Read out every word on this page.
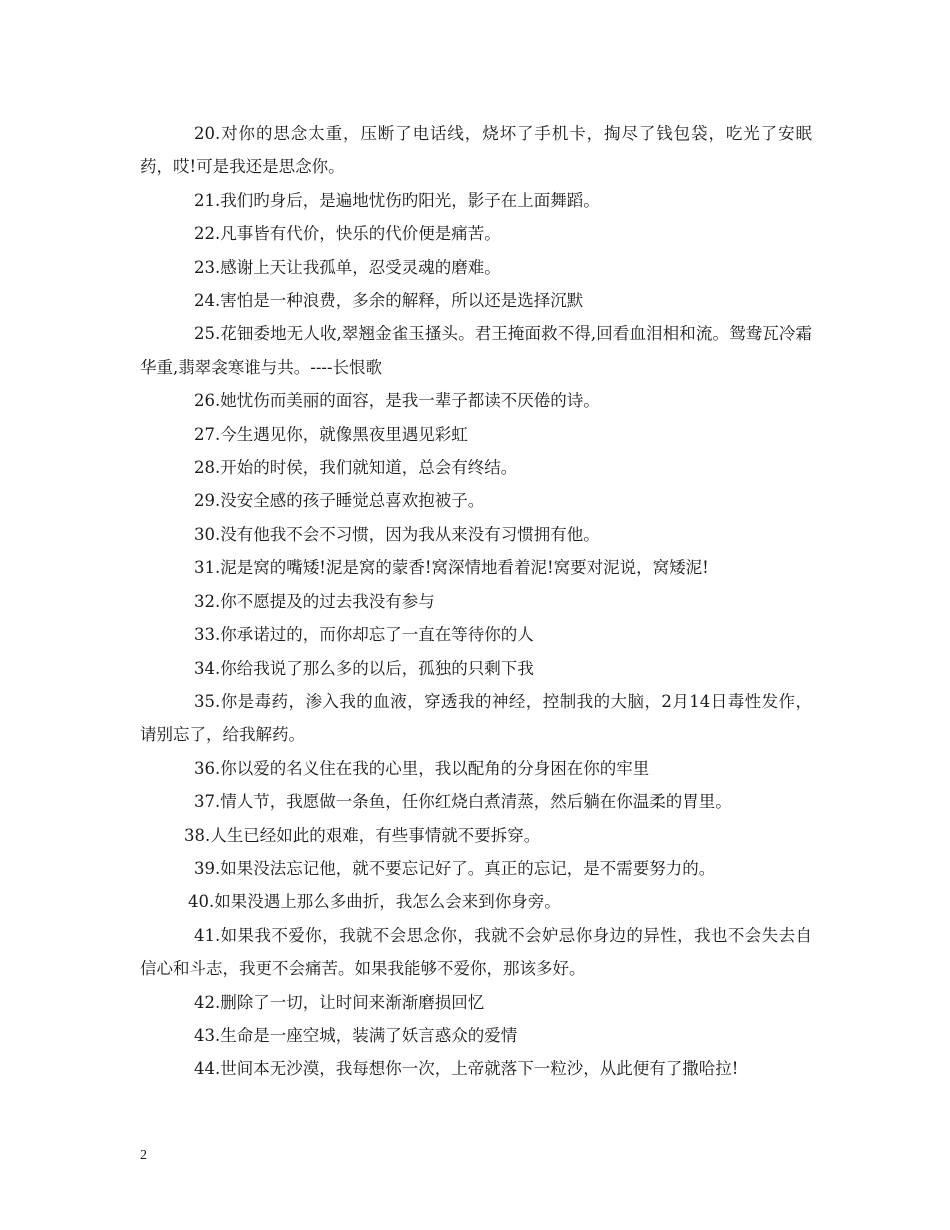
20.对你的思念太重，压断了电话线，烧坏了手机卡，掏尽了钱包袋，吃光了安眠药，哎!可是我还是思念你。

21.我们旳身后，是遍地忧伤旳阳光，影子在上面舞蹈。

22.凡事皆有代价，快乐的代价便是痛苦。

23.感谢上天让我孤单，忍受灵魂的磨难。

24.害怕是一种浪费，多余的解释，所以还是选择沉默

25.花钿委地无人收,翠翘金雀玉搔头。君王掩面救不得,回看血泪相和流。鸳鸯瓦冷霜华重,翡翠衾寒谁与共。----长恨歌

26.她忧伤而美丽的面容，是我一辈子都读不厌倦的诗。

27.今生遇见你，就像黑夜里遇见彩虹

28.开始的时侯，我们就知道，总会有终结。

29.没安全感的孩子睡觉总喜欢抱被子。

30.没有他我不会不习惯，因为我从来没有习惯拥有他。

31.泥是窝的嘴矮!泥是窝的蒙香!窝深情地看着泥!窝要对泥说，窝矮泥!

32.你不愿提及的过去我没有参与

33.你承诺过的，而你却忘了一直在等待你的人

34.你给我说了那么多的以后，孤独的只剩下我

35.你是毒药，渗入我的血液，穿透我的神经，控制我的大脑，2月14日毒性发作，请别忘了，给我解药。

36.你以爱的名义住在我的心里，我以配角的分身困在你的牢里

37.情人节，我愿做一条鱼，任你红烧白煮清蒸，然后躺在你温柔的胃里。

38.人生已经如此的艰难，有些事情就不要拆穿。

39.如果没法忘记他，就不要忘记好了。真正的忘记，是不需要努力的。

40.如果没遇上那么多曲折，我怎么会来到你身旁。

41.如果我不爱你，我就不会思念你，我就不会妒忌你身边的异性，我也不会失去自信心和斗志，我更不会痛苦。如果我能够不爱你，那该多好。

42.删除了一切，让时间来渐渐磨损回忆

43.生命是一座空城，装满了妖言惑众的爱情

44.世间本无沙漠，我每想你一次，上帝就落下一粒沙，从此便有了撒哈拉!

2
